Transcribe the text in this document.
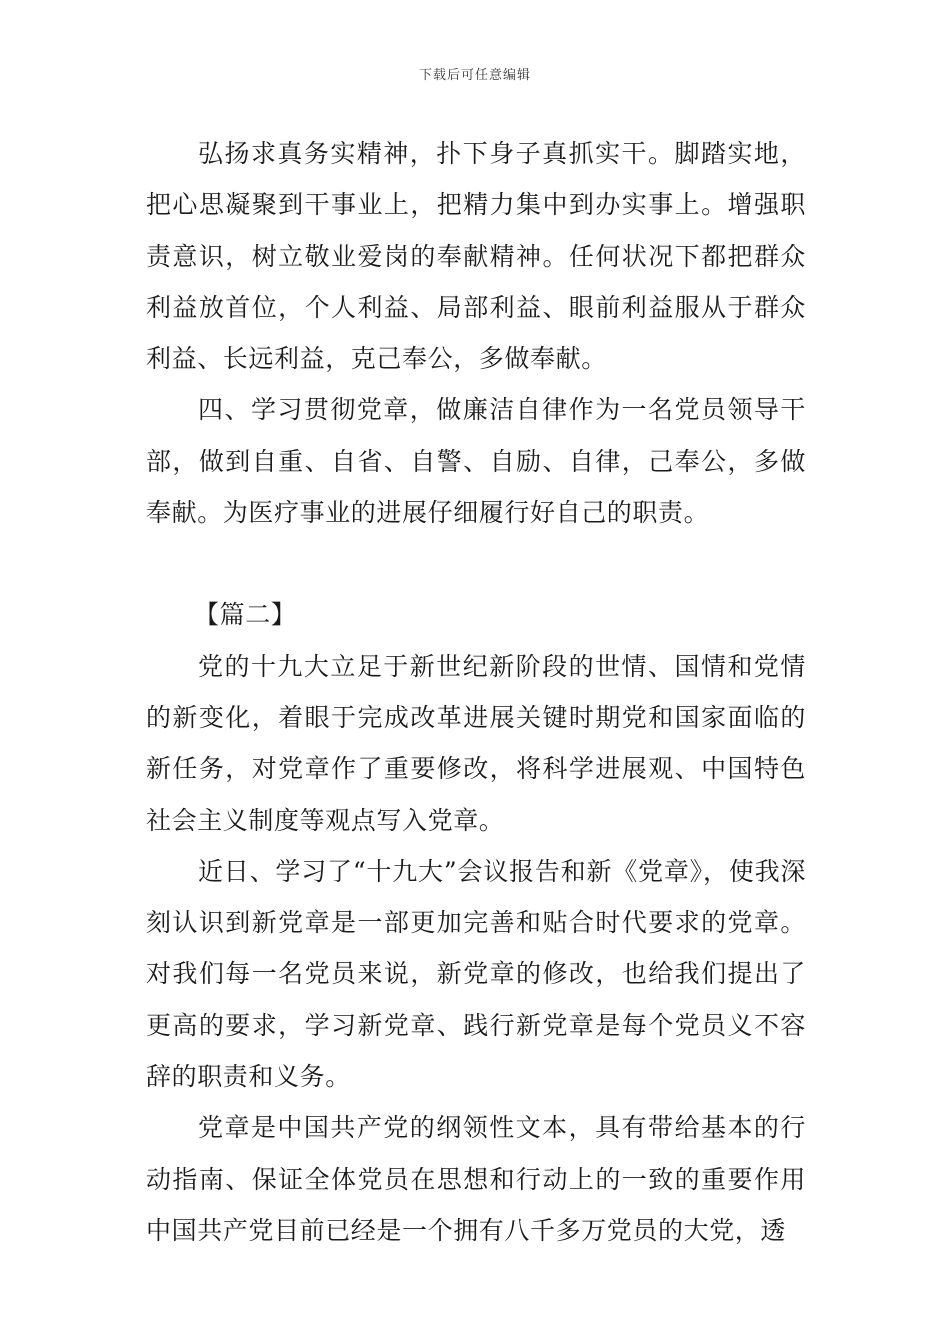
下载后可任意编辑

弘扬求真务实精神，扑下身子真抓实干。脚踏实地，把心思凝聚到干事业上，把精力集中到办实事上。增强职责意识，树立敬业爱岗的奉献精神。任何状况下都把群众利益放首位，个人利益、局部利益、眼前利益服从于群众利益、长远利益，克己奉公，多做奉献。

四、学习贯彻党章，做廉洁自律作为一名党员领导干部，做到自重、自省、自警、自励、自律，己奉公，多做奉献。为医疗事业的进展仔细履行好自己的职责。

【篇二】

党的十九大立足于新世纪新阶段的世情、国情和党情的新变化，着眼于完成改革进展关键时期党和国家面临的新任务，对党章作了重要修改，将科学进展观、中国特色社会主义制度等观点写入党章。

近日、学习了“十九大”会议报告和新《党章》，使我深刻认识到新党章是一部更加完善和贴合时代要求的党章。对我们每一名党员来说，新党章的修改，也给我们提出了更高的要求，学习新党章、践行新党章是每个党员义不容辞的职责和义务。

党章是中国共产党的纲领性文本，具有带给基本的行动指南、保证全体党员在思想和行动上的一致的重要作用中国共产党目前已经是一个拥有八千多万党员的大党，透
